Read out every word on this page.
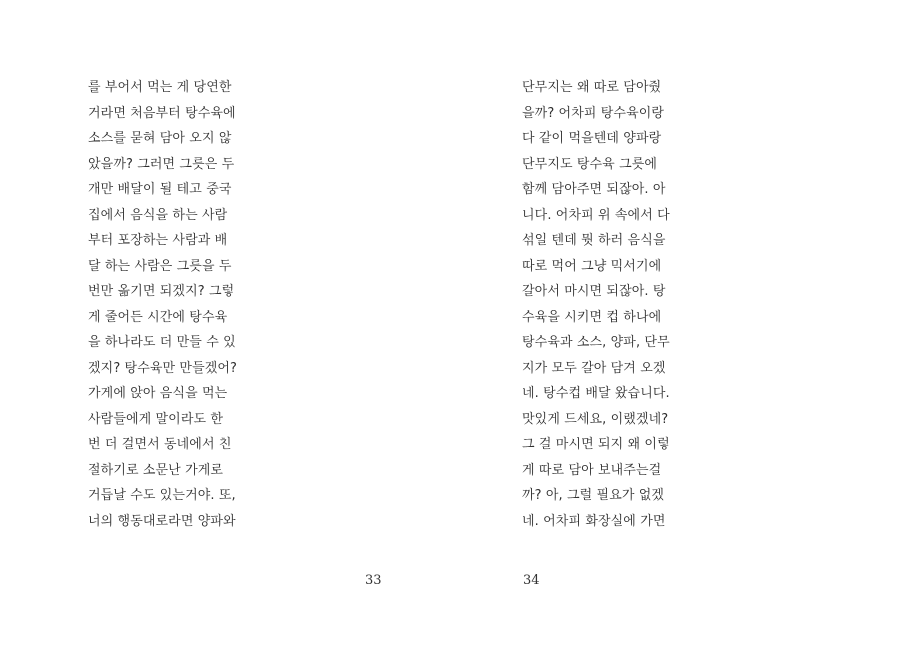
를 부어서 먹는 게 당연한
거라면 처음부터 탕수육에
소스를 묻혀 담아 오지 않
았을까? 그러면 그릇은 두
개만 배달이 될 테고 중국
집에서 음식을 하는 사람
부터 포장하는 사람과 배
달 하는 사람은 그릇을 두
번만 옮기면 되겠지? 그렇
게 줄어든 시간에 탕수육
을 하나라도 더 만들 수 있
겠지? 탕수육만 만들겠어?
가게에 앉아 음식을 먹는
사람들에게 말이라도 한
번 더 걸면서 동네에서 친
절하기로 소문난 가게로
거듭날 수도 있는거야. 또,
너의 행동대로라면 양파와
33
단무지는 왜 따로 담아줬
을까? 어차피 탕수육이랑
다 같이 먹을텐데 양파랑
단무지도 탕수육 그릇에
함께 담아주면 되잖아. 아
니다. 어차피 위 속에서 다
섞일 텐데 뭣 하러 음식을
따로 먹어 그냥 믹서기에
갈아서 마시면 되잖아. 탕
수육을 시키면 컵 하나에
탕수육과 소스, 양파, 단무
지가 모두 갈아 담겨 오겠
네. 탕수컵 배달 왔습니다.
맛있게 드세요, 이랬겠네?
그 걸 마시면 되지 왜 이렇
게 따로 담아 보내주는걸
까? 아, 그럴 필요가 없겠
네. 어차피 화장실에 가면
34
